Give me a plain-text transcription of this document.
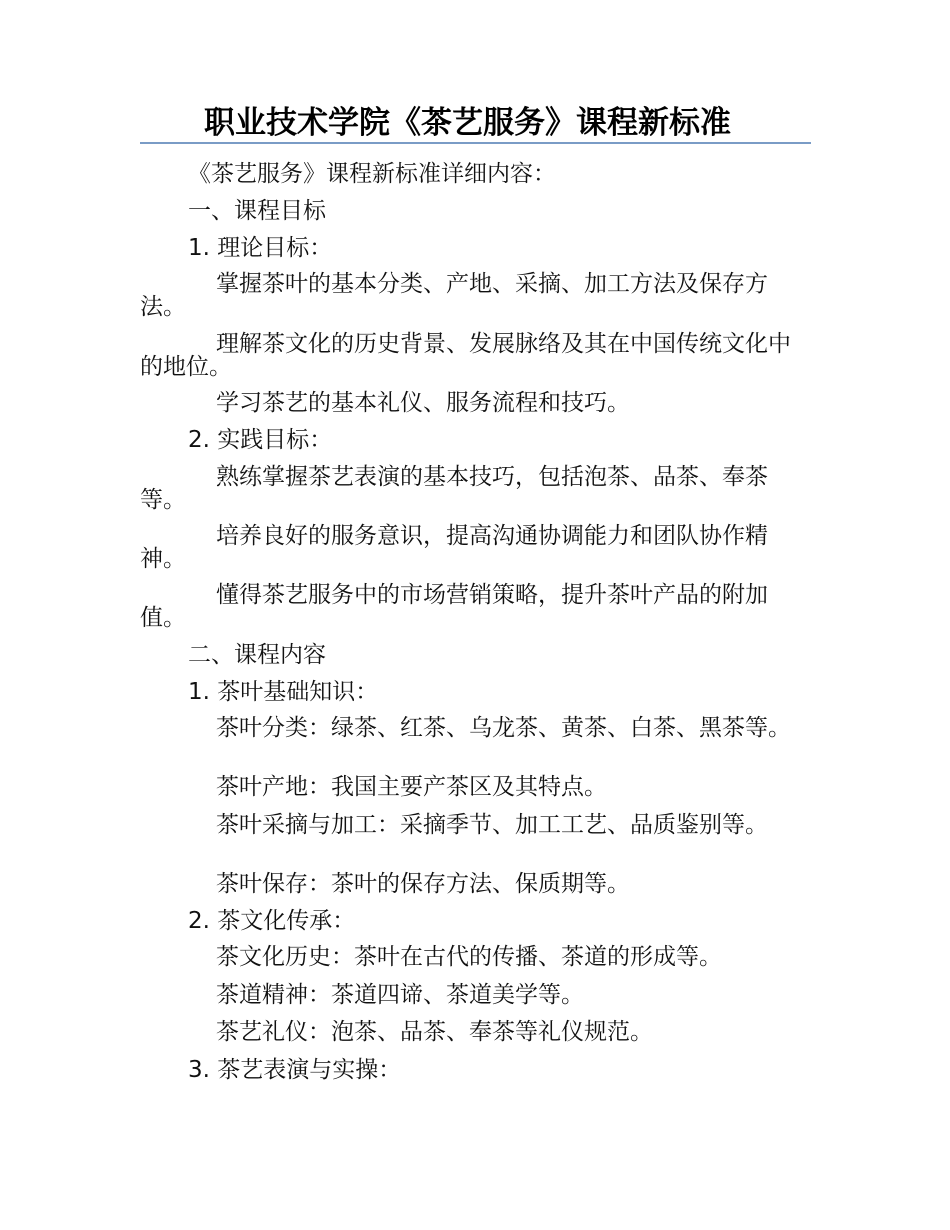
职业技术学院《茶艺服务》课程新标准
《茶艺服务》课程新标准详细内容：
一、课程目标
1. 理论目标：
掌握茶叶的基本分类、产地、采摘、加工方法及保存方法。
理解茶文化的历史背景、发展脉络及其在中国传统文化中的地位。
学习茶艺的基本礼仪、服务流程和技巧。
2. 实践目标：
熟练掌握茶艺表演的基本技巧，包括泡茶、品茶、奉茶等。
培养良好的服务意识，提高沟通协调能力和团队协作精神。
懂得茶艺服务中的市场营销策略，提升茶叶产品的附加值。
二、课程内容
1. 茶叶基础知识：
茶叶分类：绿茶、红茶、乌龙茶、黄茶、白茶、黑茶等。
茶叶产地：我国主要产茶区及其特点。
茶叶采摘与加工：采摘季节、加工工艺、品质鉴别等。
茶叶保存：茶叶的保存方法、保质期等。
2. 茶文化传承：
茶文化历史：茶叶在古代的传播、茶道的形成等。
茶道精神：茶道四谛、茶道美学等。
茶艺礼仪：泡茶、品茶、奉茶等礼仪规范。
3. 茶艺表演与实操：
